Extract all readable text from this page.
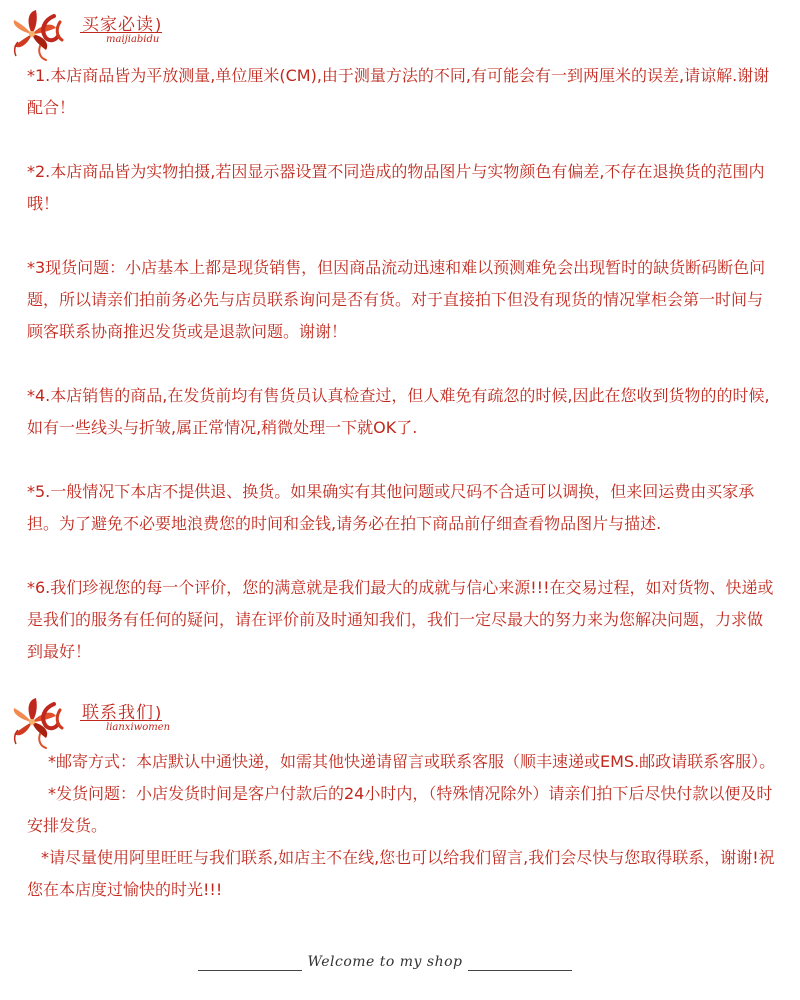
买家必读)
maijiabidu

*1.本店商品皆为平放测量,单位厘米(CM),由于测量方法的不同,有可能会有一到两厘米的误差,请谅解.谢谢配合！

*2.本店商品皆为实物拍摄,若因显示器设置不同造成的物品图片与实物颜色有偏差,不存在退换货的范围内哦！

*3现货问题：小店基本上都是现货销售，但因商品流动迅速和难以预测难免会出现暂时的缺货断码断色问题，所以请亲们拍前务必先与店员联系询问是否有货。对于直接拍下但没有现货的情况掌柜会第一时间与顾客联系协商推迟发货或是退款问题。谢谢！

*4.本店销售的商品,在发货前均有售货员认真检查过，但人难免有疏忽的时候,因此在您收到货物的的时候,如有一些线头与折皱,属正常情况,稍微处理一下就OK了.

*5.一般情况下本店不提供退、换货。如果确实有其他问题或尺码不合适可以调换，但来回运费由买家承担。为了避免不必要地浪费您的时间和金钱,请务必在拍下商品前仔细查看物品图片与描述.

*6.我们珍视您的每一个评价，您的满意就是我们最大的成就与信心来源!!!在交易过程，如对货物、快递或是我们的服务有任何的疑问，请在评价前及时通知我们，我们一定尽最大的努力来为您解决问题，力求做到最好！

联系我们)
lianxiwomen

*邮寄方式：本店默认中通快递，如需其他快递请留言或联系客服（顺丰速递或EMS.邮政请联系客服）。

*发货问题：小店发货时间是客户付款后的24小时内，（特殊情况除外）请亲们拍下后尽快付款以便及时安排发货。

*请尽量使用阿里旺旺与我们联系,如店主不在线,您也可以给我们留言,我们会尽快与您取得联系，谢谢!祝您在本店度过愉快的时光!!!

Welcome to my shop
